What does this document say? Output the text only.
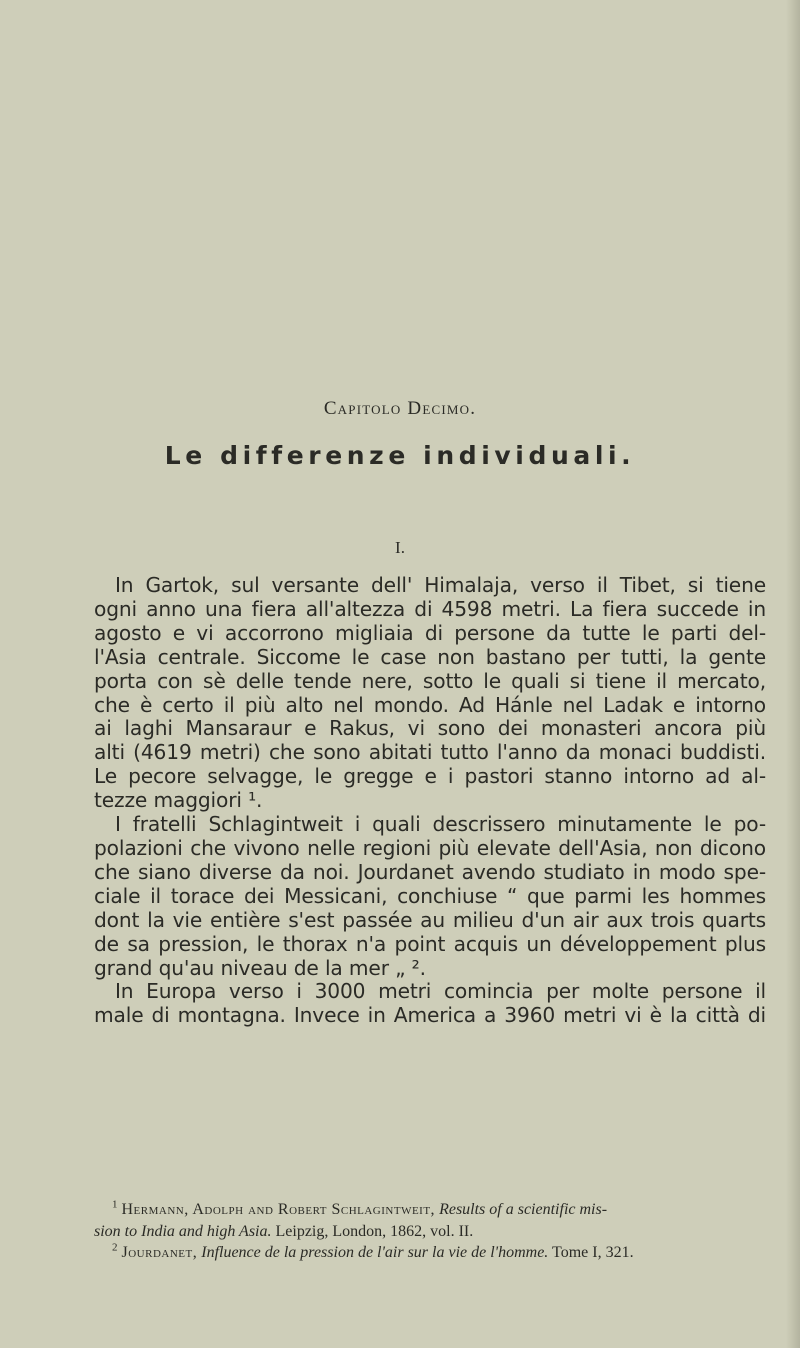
Capitolo Decimo.
Le differenze individuali.
I.
In Gartok, sul versante dell' Himalaja, verso il Tibet, si tiene
ogni anno una fiera all'altezza di 4598 metri. La fiera succede in
agosto e vi accorrono migliaia di persone da tutte le parti del-
l'Asia centrale. Siccome le case non bastano per tutti, la gente
porta con sè delle tende nere, sotto le quali si tiene il mercato,
che è certo il più alto nel mondo. Ad Hánle nel Ladak e intorno
ai laghi Mansaraur e Rakus, vi sono dei monasteri ancora più
alti (4619 metri) che sono abitati tutto l'anno da monaci buddisti.
Le pecore selvagge, le gregge e i pastori stanno intorno ad al-
tezze maggiori ¹.
I fratelli Schlagintweit i quali descrissero minutamente le po-
polazioni che vivono nelle regioni più elevate dell'Asia, non dicono
che siano diverse da noi. Jourdanet avendo studiato in modo spe-
ciale il torace dei Messicani, conchiuse “ que parmi les hommes
dont la vie entière s'est passée au milieu d'un air aux trois quarts
de sa pression, le thorax n'a point acquis un développement plus
grand qu'au niveau de la mer „ ².
In Europa verso i 3000 metri comincia per molte persone il
male di montagna. Invece in America a 3960 metri vi è la città di
$^1$ Hermann, Adolph and Robert Schlagintweit, Results of a scientific mis-
sion to India and high Asia. Leipzig, London, 1862, vol. II.
$^2$ Jourdanet, Influence de la pression de l'air sur la vie de l'homme. Tome I, 321.
